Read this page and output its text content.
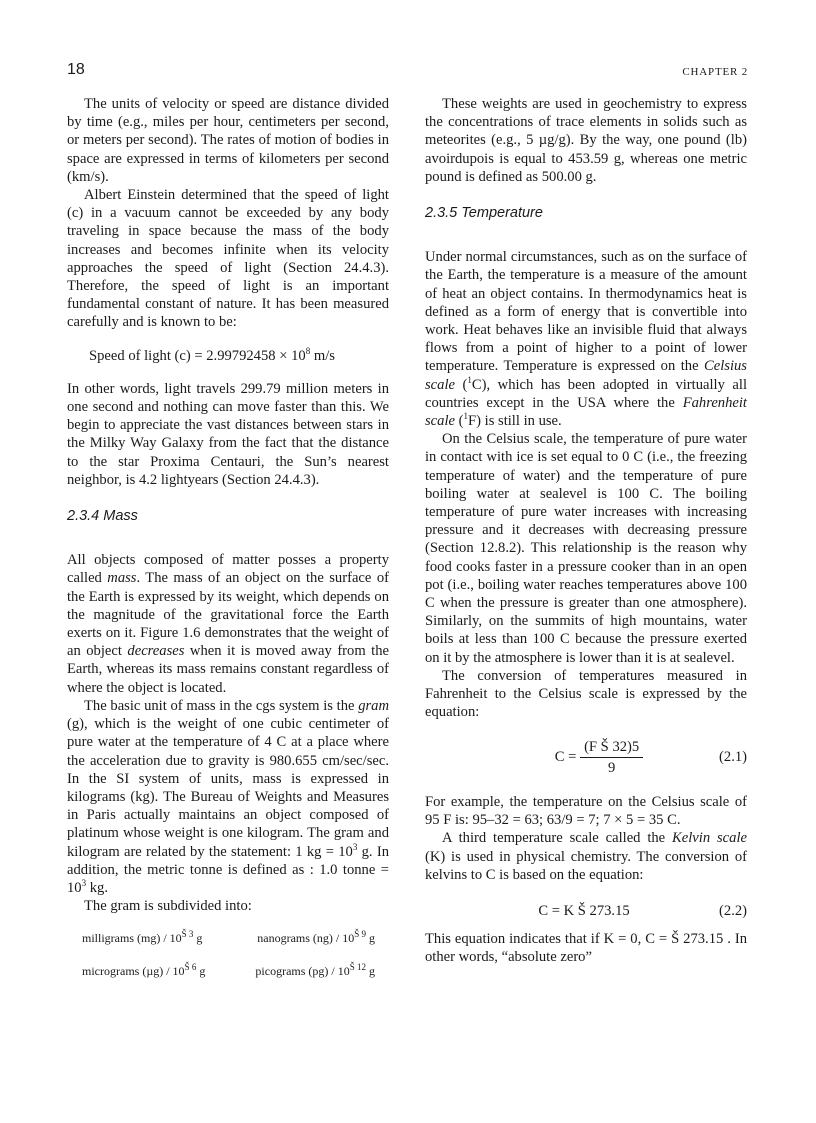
18	CHAPTER 2

The units of velocity or speed are distance divided by time (e.g., miles per hour, centimeters per second, or meters per second). The rates of motion of bodies in space are expressed in terms of kilometers per second (km/s).

Albert Einstein determined that the speed of light (c) in a vacuum cannot be exceeded by any body traveling in space because the mass of the body increases and becomes infinite when its velocity approaches the speed of light (Section 24.4.3). Therefore, the speed of light is an important fundamental constant of nature. It has been measured carefully and is known to be:

Speed of light $(c) = 2.99792458 \times 10^8$ m/s

In other words, light travels 299.79 million meters in one second and nothing can move faster than this. We begin to appreciate the vast distances between stars in the Milky Way Galaxy from the fact that the distance to the star Proxima Centauri, the Sun’s nearest neighbor, is 4.2 lightyears (Section 24.4.3).

2.3.4 Mass

All objects composed of matter posses a property called mass. The mass of an object on the surface of the Earth is expressed by its weight, which depends on the magnitude of the gravitational force the Earth exerts on it. Figure 1.6 demonstrates that the weight of an object decreases when it is moved away from the Earth, whereas its mass remains constant regardless of where the object is located.

The basic unit of mass in the cgs system is the gram (g), which is the weight of one cubic centimeter of pure water at the temperature of 4 C at a place where the acceleration due to gravity is 980.655 cm/sec/sec. In the SI system of units, mass is expressed in kilograms (kg). The Bureau of Weights and Measures in Paris actually maintains an object composed of platinum whose weight is one kilogram. The gram and kilogram are related by the statement: 1 kg = $10^3$ g. In addition, the metric tonne is defined as : 1.0 tonne = $10^3$ kg.

The gram is subdivided into:

milligrams $(mg) / 10^{Š 3}$ g	nanograms $(ng) / 10^{Š 9}$ g
micrograms $(\mu g) / 10^{Š 6}$ g	picograms $(pg) / 10^{Š 12}$ g

These weights are used in geochemistry to express the concentrations of trace elements in solids such as meteorites (e.g., 5 µg/g). By the way, one pound (lb) avoirdupois is equal to 453.59 g, whereas one metric pound is defined as 500.00 g.

2.3.5 Temperature

Under normal circumstances, such as on the surface of the Earth, the temperature is a measure of the amount of heat an object contains. In thermodynamics heat is defined as a form of energy that is convertible into work. Heat behaves like an invisible fluid that always flows from a point of higher to a point of lower temperature. Temperature is expressed on the Celsius scale ($^1$C), which has been adopted in virtually all countries except in the USA where the Fahrenheit scale ($^1$F) is still in use.

On the Celsius scale, the temperature of pure water in contact with ice is set equal to 0 C (i.e., the freezing temperature of water) and the temperature of pure boiling water at sealevel is 100 C. The boiling temperature of pure water increases with increasing pressure and it decreases with decreasing pressure (Section 12.8.2). This relationship is the reason why food cooks faster in a pressure cooker than in an open pot (i.e., boiling water reaches temperatures above 100 C when the pressure is greater than one atmosphere). Similarly, on the summits of high mountains, water boils at less than 100 C because the pressure exerted on it by the atmosphere is lower than it is at sealevel.

The conversion of temperatures measured in Fahrenheit to the Celsius scale is expressed by the equation:

$C = \frac{\text{(F Š 32)5}}{9}$	(2.1)

For example, the temperature on the Celsius scale of 95 F is: 95–32 = 63; 63/9 = 7; 7 × 5 = 35 C.

A third temperature scale called the Kelvin scale (K) is used in physical chemistry. The conversion of kelvins to C is based on the equation:

C = K Š 273.15	(2.2)

This equation indicates that if K = 0, C = Š 273.15 . In other words, “absolute zero”
